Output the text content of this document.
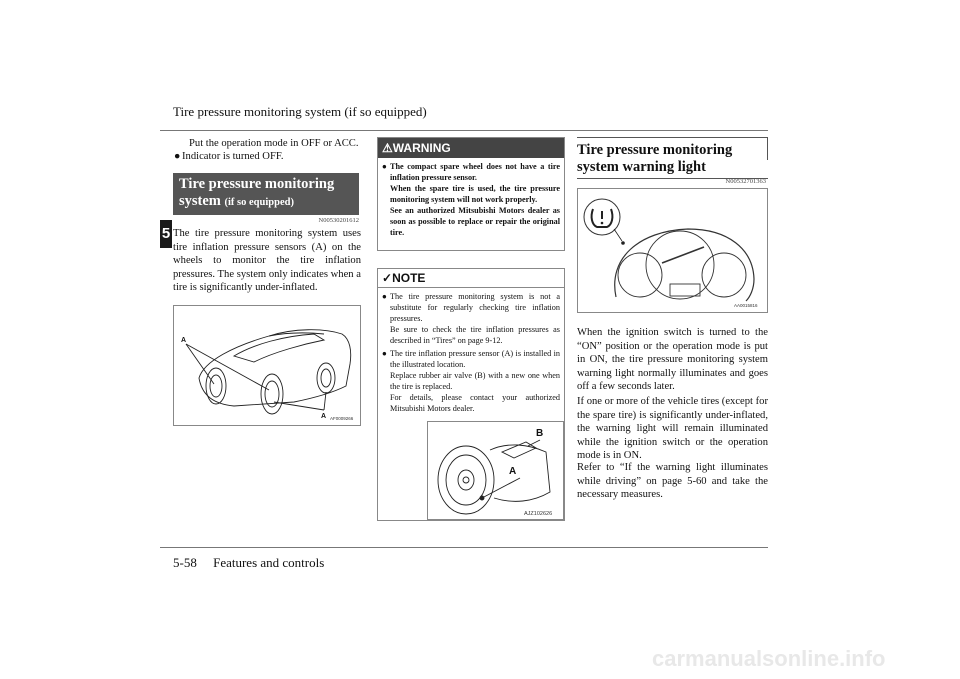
Tire pressure monitoring system (if so equipped)
5
Put the operation mode in OFF or ACC.
● Indicator is turned OFF.
Tire pressure monitoring system (if so equipped)
N00530201612
The tire pressure monitoring system uses tire inflation pressure sensors (A) on the wheels to monitor the tire inflation pressures. The system only indicates when a tire is significantly under-inflated.
A
A AF0009266
⚠WARNING
● The compact spare wheel does not have a tire inflation pressure sensor.
When the spare tire is used, the tire pressure monitoring system will not work properly.
See an authorized Mitsubishi Motors dealer as soon as possible to replace or repair the original tire.
✓NOTE
● The tire pressure monitoring system is not a substitute for regularly checking tire inflation pressures.
Be sure to check the tire inflation pressures as described in “Tires” on page 9-12.
● The tire inflation pressure sensor (A) is installed in the illustrated location.
Replace rubber air valve (B) with a new one when the tire is replaced.
For details, please contact your authorized Mitsubishi Motors dealer.
A
B
AJZ102626
Tire pressure monitoring system warning light
N00532701363
AA0015816
When the ignition switch is turned to the “ON” position or the operation mode is put in ON, the tire pressure monitoring system warning light normally illuminates and goes off a few seconds later.
If one or more of the vehicle tires (except for the spare tire) is significantly under-inflated, the warning light will remain illuminated while the ignition switch or the operation mode is in ON.
Refer to “If the warning light illuminates while driving” on page 5-60 and take the necessary measures.
5-58 Features and controls
carmanualsonline.info
